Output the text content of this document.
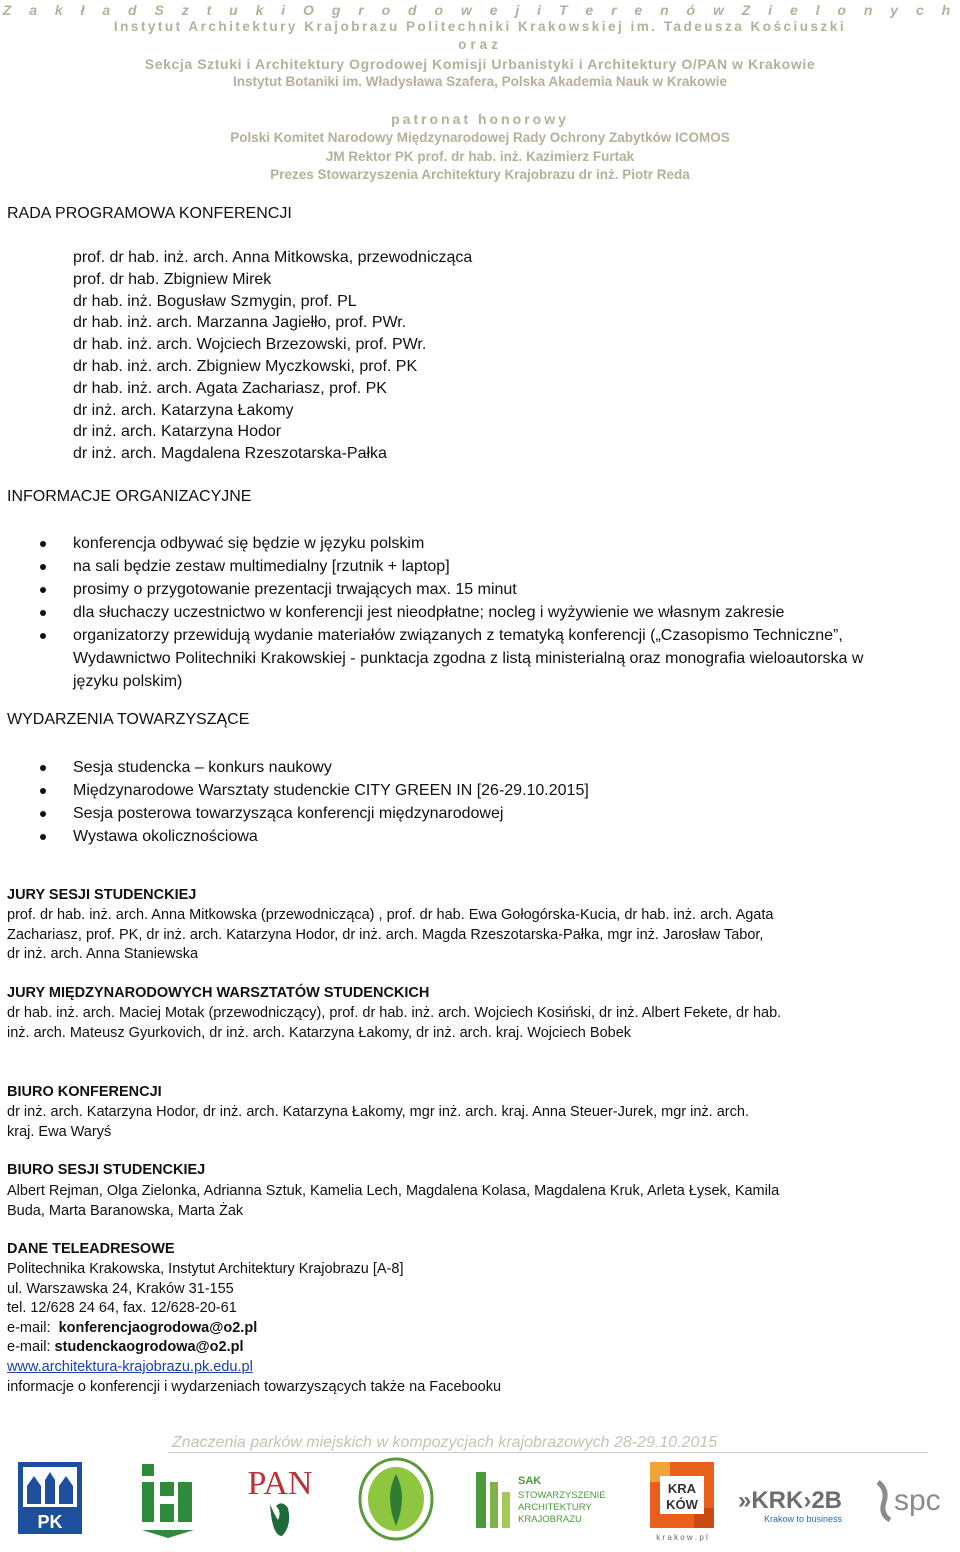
Z a k ł a d S z t u k i O g r o d o w e j i T e r e n ó w Z i e l o n y c h
Instytut Architektury Krajobrazu Politechniki Krakowskiej im. Tadeusza Kościuszki
oraz
Sekcja Sztuki i Architektury Ogrodowej Komisji Urbanistyki i Architektury O/PAN w Krakowie
Instytut Botaniki im. Władysława Szafera, Polska Akademia Nauk w Krakowie
patronat honorowy
Polski Komitet Narodowy Międzynarodowej Rady Ochrony Zabytków ICOMOS
JM Rektor PK prof. dr hab. inż. Kazimierz Furtak
Prezes Stowarzyszenia Architektury Krajobrazu dr inż. Piotr Reda
RADA PROGRAMOWA KONFERENCJI
prof. dr hab. inż. arch. Anna Mitkowska, przewodnicząca
prof. dr hab. Zbigniew Mirek
dr hab. inż. Bogusław Szmygin, prof. PL
dr hab. inż. arch. Marzanna Jagiełło, prof. PWr.
dr hab. inż. arch. Wojciech Brzezowski, prof. PWr.
dr hab. inż. arch. Zbigniew Myczkowski, prof. PK
dr hab. inż. arch. Agata Zachariasz, prof. PK
dr inż. arch. Katarzyna Łakomy
dr inż. arch. Katarzyna Hodor
dr inż. arch. Magdalena Rzeszotarska-Pałka
INFORMACJE ORGANIZACYJNE
konferencja odbywać się będzie w języku polskim
na sali będzie zestaw multimedialny [rzutnik + laptop]
prosimy o przygotowanie prezentacji trwających max. 15 minut
dla słuchaczy uczestnictwo w konferencji jest nieodpłatne; nocleg i wyżywienie we własnym zakresie
organizatorzy przewidują wydanie materiałów związanych z tematyką konferencji („Czasopismo Techniczne”, Wydawnictwo Politechniki Krakowskiej - punktacja zgodna z listą ministerialną oraz monografia wieloautorska w języku polskim)
WYDARZENIA TOWARZYSZĄCE
Sesja studencka – konkurs naukowy
Międzynarodowe Warsztaty studenckie CITY GREEN IN [26-29.10.2015]
Sesja posterowa towarzysząca konferencji międzynarodowej
Wystawa okolicznościowa
JURY SESJI STUDENCKIEJ
prof. dr hab. inż. arch. Anna Mitkowska (przewodnicząca) , prof. dr hab. Ewa Gołogórska-Kucia, dr hab. inż. arch. Agata
Zachariasz, prof. PK, dr inż. arch. Katarzyna Hodor, dr inż. arch. Magda Rzeszotarska-Pałka, mgr inż. Jarosław Tabor,
dr inż. arch. Anna Staniewska
JURY MIĘDZYNARODOWYCH WARSZTATÓW STUDENCKICH
dr hab. inż. arch. Maciej Motak (przewodniczący), prof. dr hab. inż. arch. Wojciech Kosiński, dr inż. Albert Fekete, dr hab.
inż. arch. Mateusz Gyurkovich, dr inż. arch. Katarzyna Łakomy, dr inż. arch. kraj. Wojciech Bobek
BIURO KONFERENCJI
dr inż. arch. Katarzyna Hodor, dr inż. arch. Katarzyna Łakomy, mgr inż. arch. kraj. Anna Steuer-Jurek, mgr inż. arch.
kraj. Ewa Waryś
BIURO SESJI STUDENCKIEJ
Albert Rejman, Olga Zielonka, Adrianna Sztuk, Kamelia Lech, Magdalena Kolasa, Magdalena Kruk, Arleta Łysek, Kamila
Buda, Marta Baranowska, Marta Żak
DANE TELEADRESOWE
Politechnika Krakowska, Instytut Architektury Krajobrazu [A-8]
ul. Warszawska 24, Kraków 31-155
tel. 12/628 24 64, fax. 12/628-20-61
e-mail: konferencjaogrodowa@o2.pl
e-mail: studenckaogrodowa@o2.pl
www.architektura-krajobrazu.pk.edu.pl
informacje o konferencji i wydarzeniach towarzyszących także na Facebooku
Znaczenia parków miejskich w kompozycjach krajobrazowych 28-29.10.2015
PK
PAN	SAK
STOWARZYSZENIE
ARCHITEKTURY
KRAJOBRAZU
KRA
KÓW
k r a k o w . p l
»KRK›2B
Krakow to business
spc
